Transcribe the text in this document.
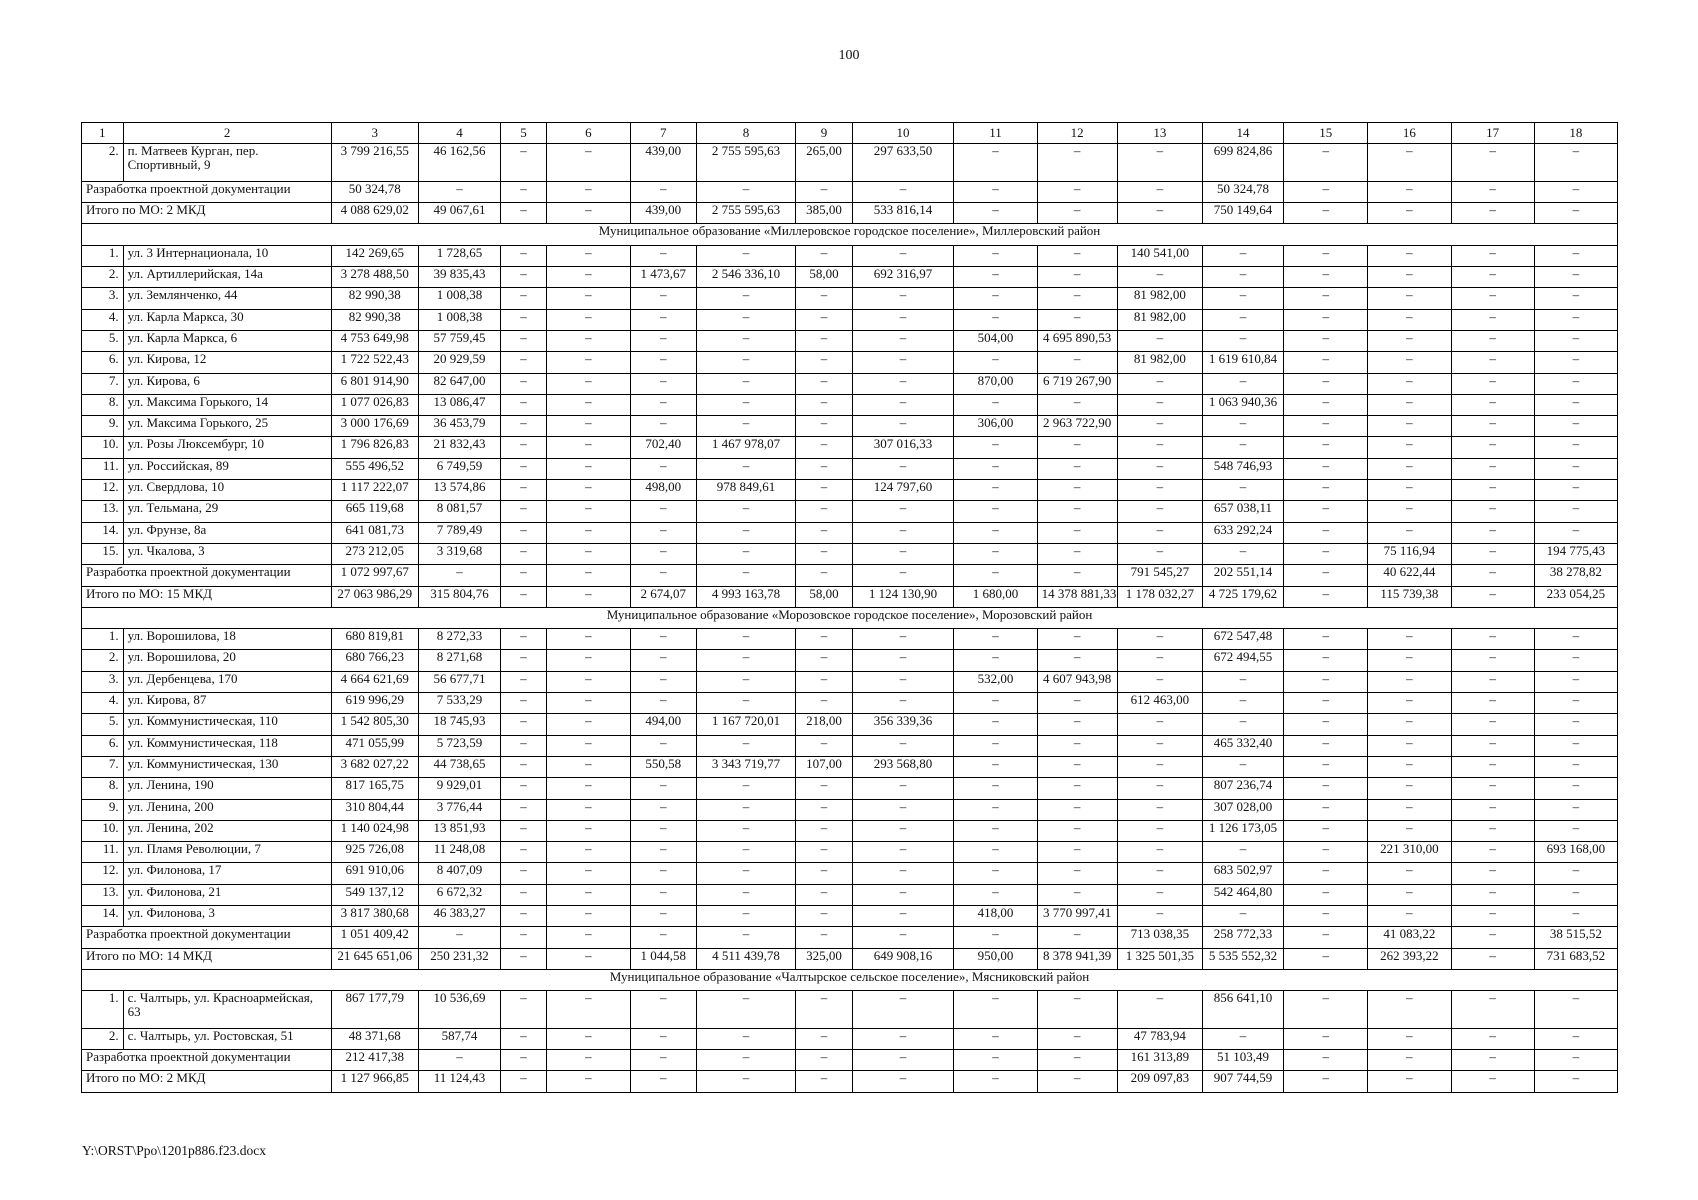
100
1	2	3	4	5	6	7	8	9	10	11	12	13	14	15	16	17	18
2.	п. Матвеев Курган, пер. Спортивный, 9	3 799 216,55	46 162,56	–	–	439,00	2 755 595,63	265,00	297 633,50	–	–	–	699 824,86	–	–	–	–
Разработка проектной документации		50 324,78	–	–	–	–	–	–	–	–	–	–	50 324,78	–	–	–	–
Итого по МО: 2 МКД		4 088 629,02	49 067,61	–	–	439,00	2 755 595,63	385,00	533 816,14	–	–	–	750 149,64	–	–	–	–
Муниципальное образование «Миллеровское городское поселение», Миллеровский район																	
1.	ул. 3 Интернационала, 10	142 269,65	1 728,65	–	–	–	–	–	–	–	–	140 541,00	–	–	–	–	–
2.	ул. Артиллерийская, 14а	3 278 488,50	39 835,43	–	–	1 473,67	2 546 336,10	58,00	692 316,97	–	–	–	–	–	–	–	–
3.	ул. Землянченко, 44	82 990,38	1 008,38	–	–	–	–	–	–	–	–	81 982,00	–	–	–	–	–
4.	ул. Карла Маркса, 30	82 990,38	1 008,38	–	–	–	–	–	–	–	–	81 982,00	–	–	–	–	–
5.	ул. Карла Маркса, 6	4 753 649,98	57 759,45	–	–	–	–	–	–	504,00	4 695 890,53	–	–	–	–	–	–
6.	ул. Кирова, 12	1 722 522,43	20 929,59	–	–	–	–	–	–	–	–	81 982,00	1 619 610,84	–	–	–	–
7.	ул. Кирова, 6	6 801 914,90	82 647,00	–	–	–	–	–	–	870,00	6 719 267,90	–	–	–	–	–	–
8.	ул. Максима Горького, 14	1 077 026,83	13 086,47	–	–	–	–	–	–	–	–	–	1 063 940,36	–	–	–	–
9.	ул. Максима Горького, 25	3 000 176,69	36 453,79	–	–	–	–	–	–	306,00	2 963 722,90	–	–	–	–	–	–
10.	ул. Розы Люксембург, 10	1 796 826,83	21 832,43	–	–	702,40	1 467 978,07	–	307 016,33	–	–	–	–	–	–	–	–
11.	ул. Российская, 89	555 496,52	6 749,59	–	–	–	–	–	–	–	–	–	548 746,93	–	–	–	–
12.	ул. Свердлова, 10	1 117 222,07	13 574,86	–	–	498,00	978 849,61	–	124 797,60	–	–	–	–	–	–	–	–
13.	ул. Тельмана, 29	665 119,68	8 081,57	–	–	–	–	–	–	–	–	–	657 038,11	–	–	–	–
14.	ул. Фрунзе, 8а	641 081,73	7 789,49	–	–	–	–	–	–	–	–	–	633 292,24	–	–	–	–
15.	ул. Чкалова, 3	273 212,05	3 319,68	–	–	–	–	–	–	–	–	–	–	–	75 116,94	–	194 775,43
Разработка проектной документации		1 072 997,67	–	–	–	–	–	–	–	–	–	791 545,27	202 551,14	–	40 622,44	–	38 278,82
Итого по МО: 15 МКД		27 063 986,29	315 804,76	–	–	2 674,07	4 993 163,78	58,00	1 124 130,90	1 680,00	14 378 881,33	1 178 032,27	4 725 179,62	–	115 739,38	–	233 054,25
Муниципальное образование «Морозовское городское поселение», Морозовский район																	
1.	ул. Ворошилова, 18	680 819,81	8 272,33	–	–	–	–	–	–	–	–	–	672 547,48	–	–	–	–
2.	ул. Ворошилова, 20	680 766,23	8 271,68	–	–	–	–	–	–	–	–	–	672 494,55	–	–	–	–
3.	ул. Дербенцева, 170	4 664 621,69	56 677,71	–	–	–	–	–	–	532,00	4 607 943,98	–	–	–	–	–	–
4.	ул. Кирова, 87	619 996,29	7 533,29	–	–	–	–	–	–	–	–	612 463,00	–	–	–	–	–
5.	ул. Коммунистическая, 110	1 542 805,30	18 745,93	–	–	494,00	1 167 720,01	218,00	356 339,36	–	–	–	–	–	–	–	–
6.	ул. Коммунистическая, 118	471 055,99	5 723,59	–	–	–	–	–	–	–	–	–	465 332,40	–	–	–	–
7.	ул. Коммунистическая, 130	3 682 027,22	44 738,65	–	–	550,58	3 343 719,77	107,00	293 568,80	–	–	–	–	–	–	–	–
8.	ул. Ленина, 190	817 165,75	9 929,01	–	–	–	–	–	–	–	–	–	807 236,74	–	–	–	–
9.	ул. Ленина, 200	310 804,44	3 776,44	–	–	–	–	–	–	–	–	–	307 028,00	–	–	–	–
10.	ул. Ленина, 202	1 140 024,98	13 851,93	–	–	–	–	–	–	–	–	–	1 126 173,05	–	–	–	–
11.	ул. Пламя Революции, 7	925 726,08	11 248,08	–	–	–	–	–	–	–	–	–	–	–	221 310,00	–	693 168,00
12.	ул. Филонова, 17	691 910,06	8 407,09	–	–	–	–	–	–	–	–	–	683 502,97	–	–	–	–
13.	ул. Филонова, 21	549 137,12	6 672,32	–	–	–	–	–	–	–	–	–	542 464,80	–	–	–	–
14.	ул. Филонова, 3	3 817 380,68	46 383,27	–	–	–	–	–	–	418,00	3 770 997,41	–	–	–	–	–	–
Разработка проектной документации		1 051 409,42	–	–	–	–	–	–	–	–	–	713 038,35	258 772,33	–	41 083,22	–	38 515,52
Итого по МО: 14 МКД		21 645 651,06	250 231,32	–	–	1 044,58	4 511 439,78	325,00	649 908,16	950,00	8 378 941,39	1 325 501,35	5 535 552,32	–	262 393,22	–	731 683,52
Муниципальное образование «Чалтырское сельское поселение», Мясниковский район																	
1.	с. Чалтырь, ул. Красноармейская, 63	867 177,79	10 536,69	–	–	–	–	–	–	–	–	–	856 641,10	–	–	–	–
2.	с. Чалтырь, ул. Ростовская, 51	48 371,68	587,74	–	–	–	–	–	–	–	–	47 783,94	–	–	–	–	–
Разработка проектной документации		212 417,38	–	–	–	–	–	–	–	–	–	161 313,89	51 103,49	–	–	–	–
Итого по МО: 2 МКД		1 127 966,85	11 124,43	–	–	–	–	–	–	–	–	209 097,83	907 744,59	–	–	–	–
Y:\ORST\Ppo\1201p886.f23.docx
